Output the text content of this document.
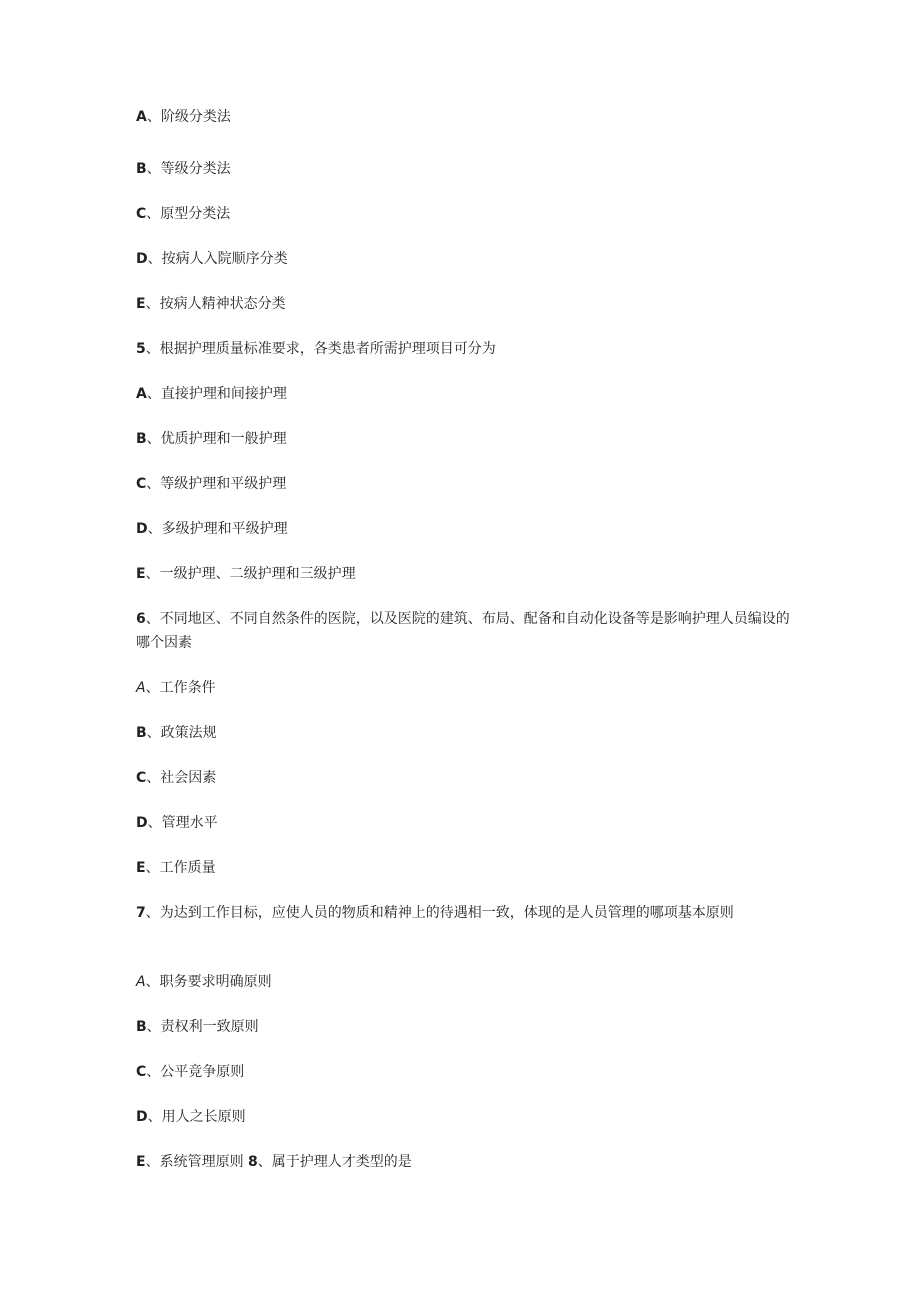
A、阶级分类法
B、等级分类法
C、原型分类法
D、按病人入院顺序分类
E、按病人精神状态分类
5、根据护理质量标准要求，各类患者所需护理项目可分为
A、直接护理和间接护理
B、优质护理和一般护理
C、等级护理和平级护理
D、多级护理和平级护理
E、一级护理、二级护理和三级护理
6、不同地区、不同自然条件的医院，以及医院的建筑、布局、配备和自动化设备等是影响护理人员编设的哪个因素
A、工作条件
B、政策法规
C、社会因素
D、管理水平
E、工作质量
7、为达到工作目标，应使人员的物质和精神上的待遇相一致，体现的是人员管理的哪项基本原则
A、职务要求明确原则
B、责权利一致原则
C、公平竞争原则
D、用人之长原则
E、系统管理原则 8、属于护理人才类型的是
